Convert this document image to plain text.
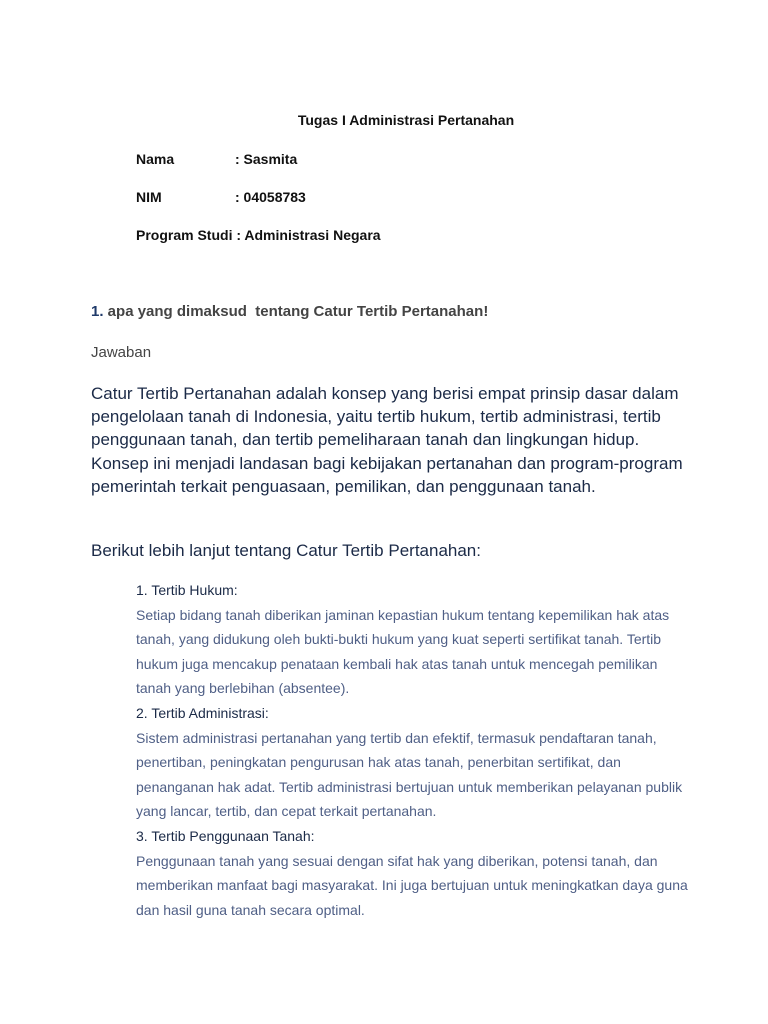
Tugas I Administrasi Pertanahan
Nama	: Sasmita
NIM	: 04058783
Program Studi : Administrasi Negara
1. apa yang dimaksud  tentang Catur Tertib Pertanahan!
Jawaban
Catur Tertib Pertanahan adalah konsep yang berisi empat prinsip dasar dalam pengelolaan tanah di Indonesia, yaitu tertib hukum, tertib administrasi, tertib penggunaan tanah, dan tertib pemeliharaan tanah dan lingkungan hidup. Konsep ini menjadi landasan bagi kebijakan pertanahan dan program-program pemerintah terkait penguasaan, pemilikan, dan penggunaan tanah.
Berikut lebih lanjut tentang Catur Tertib Pertanahan:
1. Tertib Hukum:
Setiap bidang tanah diberikan jaminan kepastian hukum tentang kepemilikan hak atas tanah, yang didukung oleh bukti-bukti hukum yang kuat seperti sertifikat tanah. Tertib hukum juga mencakup penataan kembali hak atas tanah untuk mencegah pemilikan tanah yang berlebihan (absentee).
2. Tertib Administrasi:
Sistem administrasi pertanahan yang tertib dan efektif, termasuk pendaftaran tanah, penertiban, peningkatan pengurusan hak atas tanah, penerbitan sertifikat, dan penanganan hak adat. Tertib administrasi bertujuan untuk memberikan pelayanan publik yang lancar, tertib, dan cepat terkait pertanahan.
3. Tertib Penggunaan Tanah:
Penggunaan tanah yang sesuai dengan sifat hak yang diberikan, potensi tanah, dan memberikan manfaat bagi masyarakat. Ini juga bertujuan untuk meningkatkan daya guna dan hasil guna tanah secara optimal.
